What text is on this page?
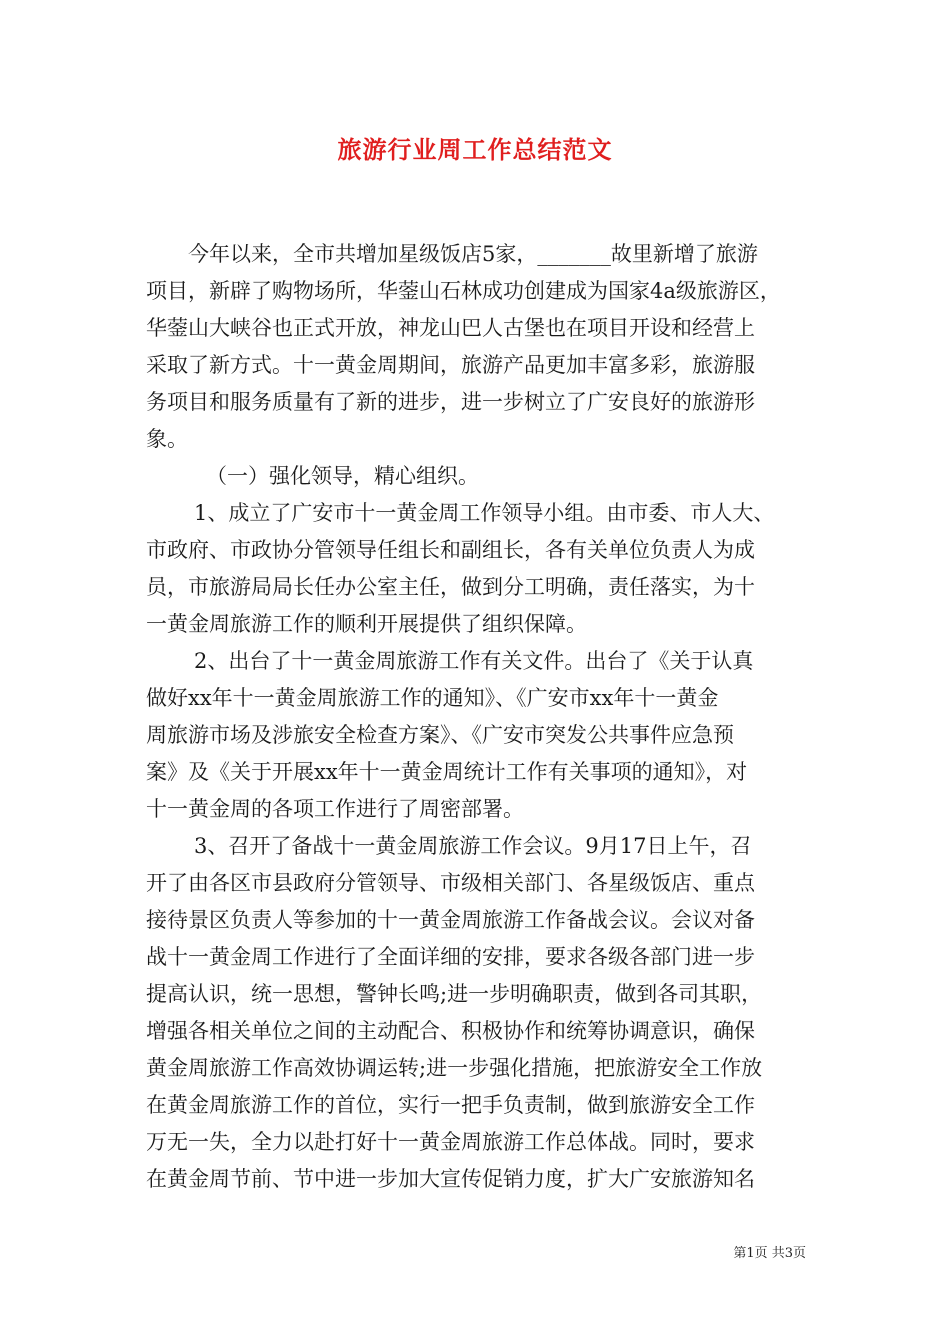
旅游行业周工作总结范文
今年以来，全市共增加星级饭店5家，_______故里新增了旅游
项目，新辟了购物场所，华蓥山石林成功创建成为国家4a级旅游区，
华蓥山大峡谷也正式开放，神龙山巴人古堡也在项目开设和经营上
采取了新方式。十一黄金周期间，旅游产品更加丰富多彩，旅游服
务项目和服务质量有了新的进步，进一步树立了广安良好的旅游形
象。
（一）强化领导，精心组织。
1、成立了广安市十一黄金周工作领导小组。由市委、市人大、
市政府、市政协分管领导任组长和副组长，各有关单位负责人为成
员，市旅游局局长任办公室主任，做到分工明确，责任落实，为十
一黄金周旅游工作的顺利开展提供了组织保障。
2、出台了十一黄金周旅游工作有关文件。出台了《关于认真
做好xx年十一黄金周旅游工作的通知》、《广安市xx年十一黄金
周旅游市场及涉旅安全检查方案》、《广安市突发公共事件应急预
案》及《关于开展xx年十一黄金周统计工作有关事项的通知》，对
十一黄金周的各项工作进行了周密部署。
3、召开了备战十一黄金周旅游工作会议。9月17日上午，召
开了由各区市县政府分管领导、市级相关部门、各星级饭店、重点
接待景区负责人等参加的十一黄金周旅游工作备战会议。会议对备
战十一黄金周工作进行了全面详细的安排，要求各级各部门进一步
提高认识，统一思想，警钟长鸣;进一步明确职责，做到各司其职，
增强各相关单位之间的主动配合、积极协作和统筹协调意识，确保
黄金周旅游工作高效协调运转;进一步强化措施，把旅游安全工作放
在黄金周旅游工作的首位，实行一把手负责制，做到旅游安全工作
万无一失，全力以赴打好十一黄金周旅游工作总体战。同时，要求
在黄金周节前、节中进一步加大宣传促销力度，扩大广安旅游知名
第1页 共3页
